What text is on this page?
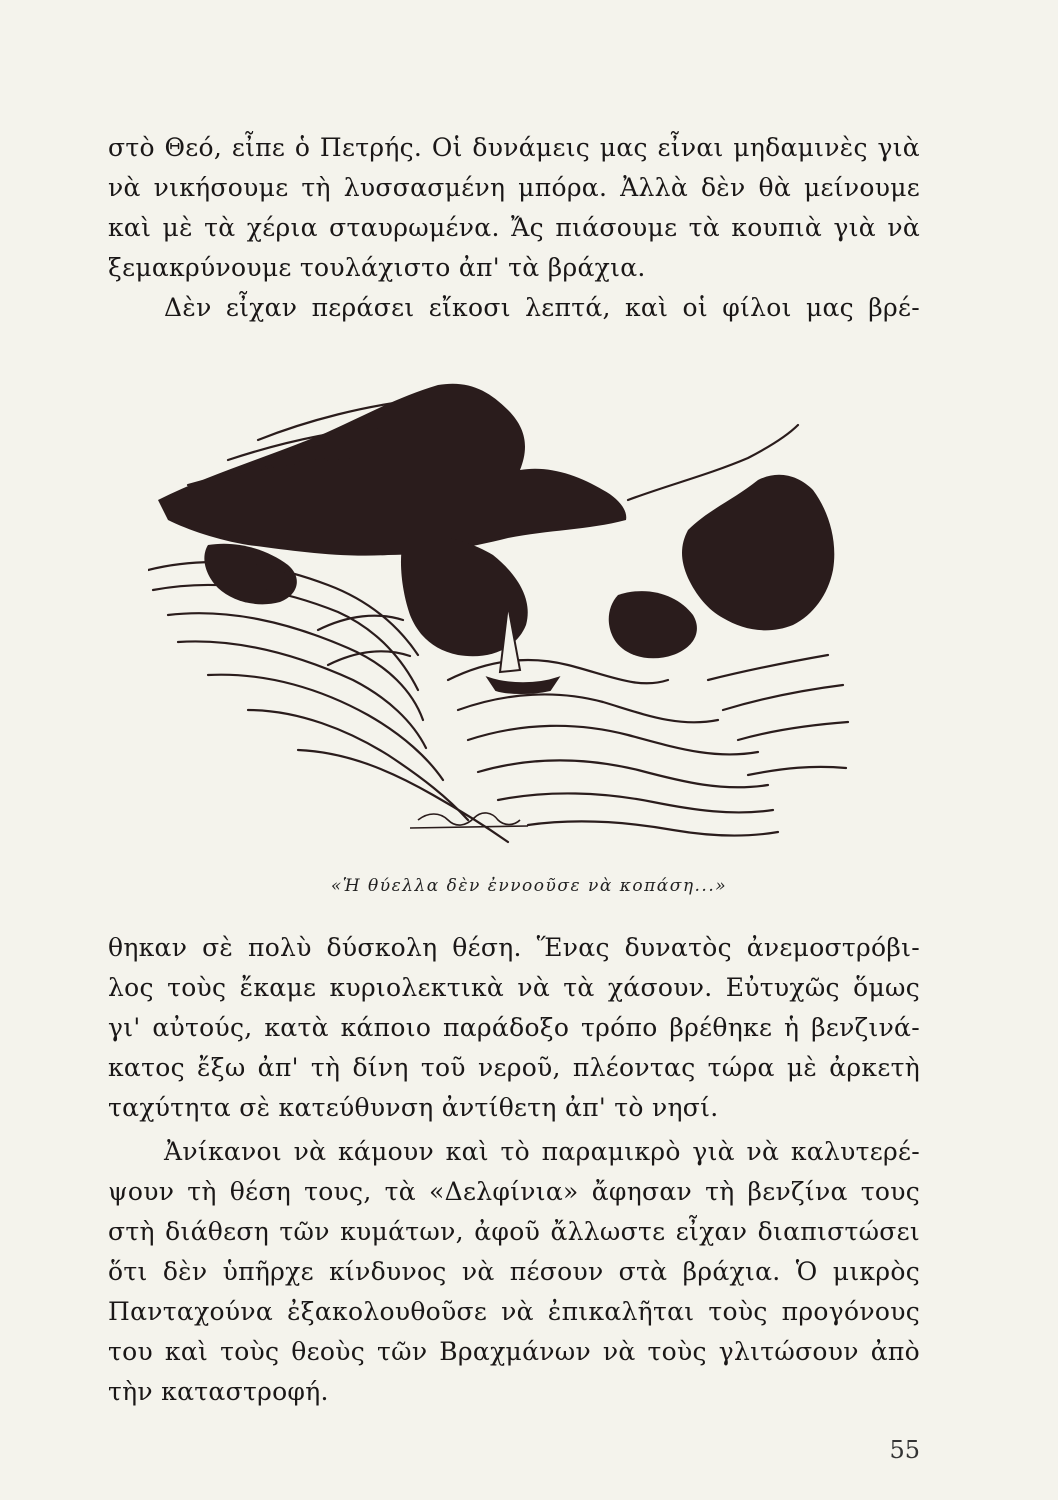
στὸ Θεό, εἶπε ὁ Πετρής. Οἱ δυνάμεις μας εἶναι μηδαμινὲς γιὰ
νὰ νικήσουμε τὴ λυσσασμένη μπόρα. Ἀλλὰ δὲν θὰ μείνουμε
καὶ μὲ τὰ χέρια σταυρωμένα. Ἄς πιάσουμε τὰ κουπιὰ γιὰ νὰ
ξεμακρύνουμε τουλάχιστο ἀπ' τὰ βράχια.
Δὲν εἶχαν περάσει εἴκοσι λεπτά, καὶ οἱ φίλοι μας βρέ-
«Ἡ θύελλα δὲν ἐννοοῦσε νὰ κοπάση...»
θηκαν σὲ πολὺ δύσκολη θέση. Ἕνας δυνατὸς ἀνεμοστρόβι-
λος τοὺς ἔκαμε κυριολεκτικὰ νὰ τὰ χάσουν. Εὐτυχῶς ὅμως
γι' αὐτούς, κατὰ κάποιο παράδοξο τρόπο βρέθηκε ἡ βενζινά-
κατος ἔξω ἀπ' τὴ δίνη τοῦ νεροῦ, πλέοντας τώρα μὲ ἀρκετὴ
ταχύτητα σὲ κατεύθυνση ἀντίθετη ἀπ' τὸ νησί.
Ἀνίκανοι νὰ κάμουν καὶ τὸ παραμικρὸ γιὰ νὰ καλυτερέ-
ψουν τὴ θέση τους, τὰ «Δελφίνια» ἄφησαν τὴ βενζίνα τους
στὴ διάθεση τῶν κυμάτων, ἀφοῦ ἄλλωστε εἶχαν διαπιστώσει
ὅτι δὲν ὑπῆρχε κίνδυνος νὰ πέσουν στὰ βράχια. Ὁ μικρὸς
Πανταχούνα ἐξακολουθοῦσε νὰ ἐπικαλῆται τοὺς προγόνους
του καὶ τοὺς θεοὺς τῶν Βραχμάνων νὰ τοὺς γλιτώσουν ἀπὸ
τὴν καταστροφή.
55
